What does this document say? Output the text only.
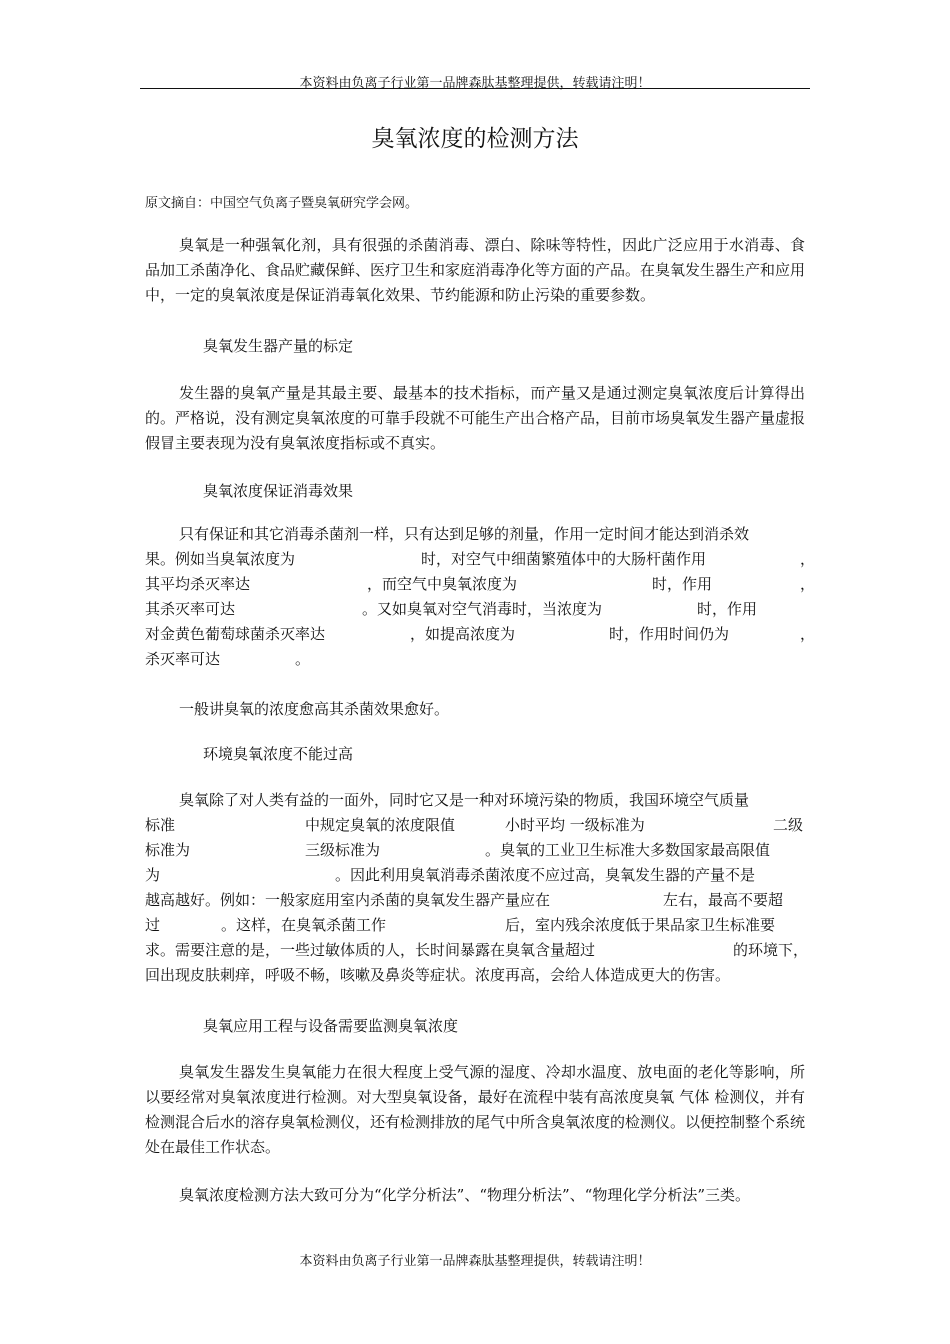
本资料由负离子行业第一品牌森肽基整理提供，转载请注明！
臭氧浓度的检测方法
原文摘自：中国空气负离子暨臭氧研究学会网。
臭氧是一种强氧化剂，具有很强的杀菌消毒、漂白、除味等特性，因此广泛应用于水消毒、食品加工杀菌净化、食品贮藏保鲜、医疗卫生和家庭消毒净化等方面的产品。在臭氧发生器生产和应用中，一定的臭氧浓度是保证消毒氧化效果、节约能源和防止污染的重要参数。
臭氧发生器产量的标定
发生器的臭氧产量是其最主要、最基本的技术指标，而产量又是通过测定臭氧浓度后计算得出的。严格说，没有测定臭氧浓度的可靠手段就不可能生产出合格产品，目前市场臭氧发生器产量虚报假冒主要表现为没有臭氧浓度指标或不真实。
臭氧浓度保证消毒效果
只有保证和其它消毒杀菌剂一样，只有达到足够的剂量，作用一定时间才能达到消杀效
果。例如当臭氧浓度为	时，对空气中细菌繁殖体中的大肠杆菌作用	，
其平均杀灭率达	，而空气中臭氧浓度为	时，作用	，
其杀灭率可达	。又如臭氧对空气消毒时，当浓度为	时，作用
对金黄色葡萄球菌杀灭率达	，如提高浓度为	时，作用时间仍为	，
杀灭率可达	。
一般讲臭氧的浓度愈高其杀菌效果愈好。
环境臭氧浓度不能过高
臭氧除了对人类有益的一面外，同时它又是一种对环境污染的物质，我国环境空气质量
标准	中规定臭氧的浓度限值	小时平均 一级标准为	二级
标准为	三级标准为	。臭氧的工业卫生标准大多数国家最高限值
为	。因此利用臭氧消毒杀菌浓度不应过高，臭氧发生器的产量不是
越高越好。例如：一般家庭用室内杀菌的臭氧发生器产量应在	左右，最高不要超
过	。这样，在臭氧杀菌工作	后，室内残余浓度低于果品家卫生标准要
求。需要注意的是，一些过敏体质的人，长时间暴露在臭氧含量超过	的环境下，
回出现皮肤刺痒，呼吸不畅，咳嗽及鼻炎等症状。浓度再高，会给人体造成更大的伤害。
臭氧应用工程与设备需要监测臭氧浓度
臭氧发生器发生臭氧能力在很大程度上受气源的湿度、冷却水温度、放电面的老化等影响，所以要经常对臭氧浓度进行检测。对大型臭氧设备，最好在流程中装有高浓度臭氧 气体 检测仪，并有检测混合后水的溶存臭氧检测仪，还有检测排放的尾气中所含臭氧浓度的检测仪。以便控制整个系统处在最佳工作状态。
臭氧浓度检测方法大致可分为“化学分析法”、“物理分析法”、“物理化学分析法”三类。
本资料由负离子行业第一品牌森肽基整理提供，转载请注明！
